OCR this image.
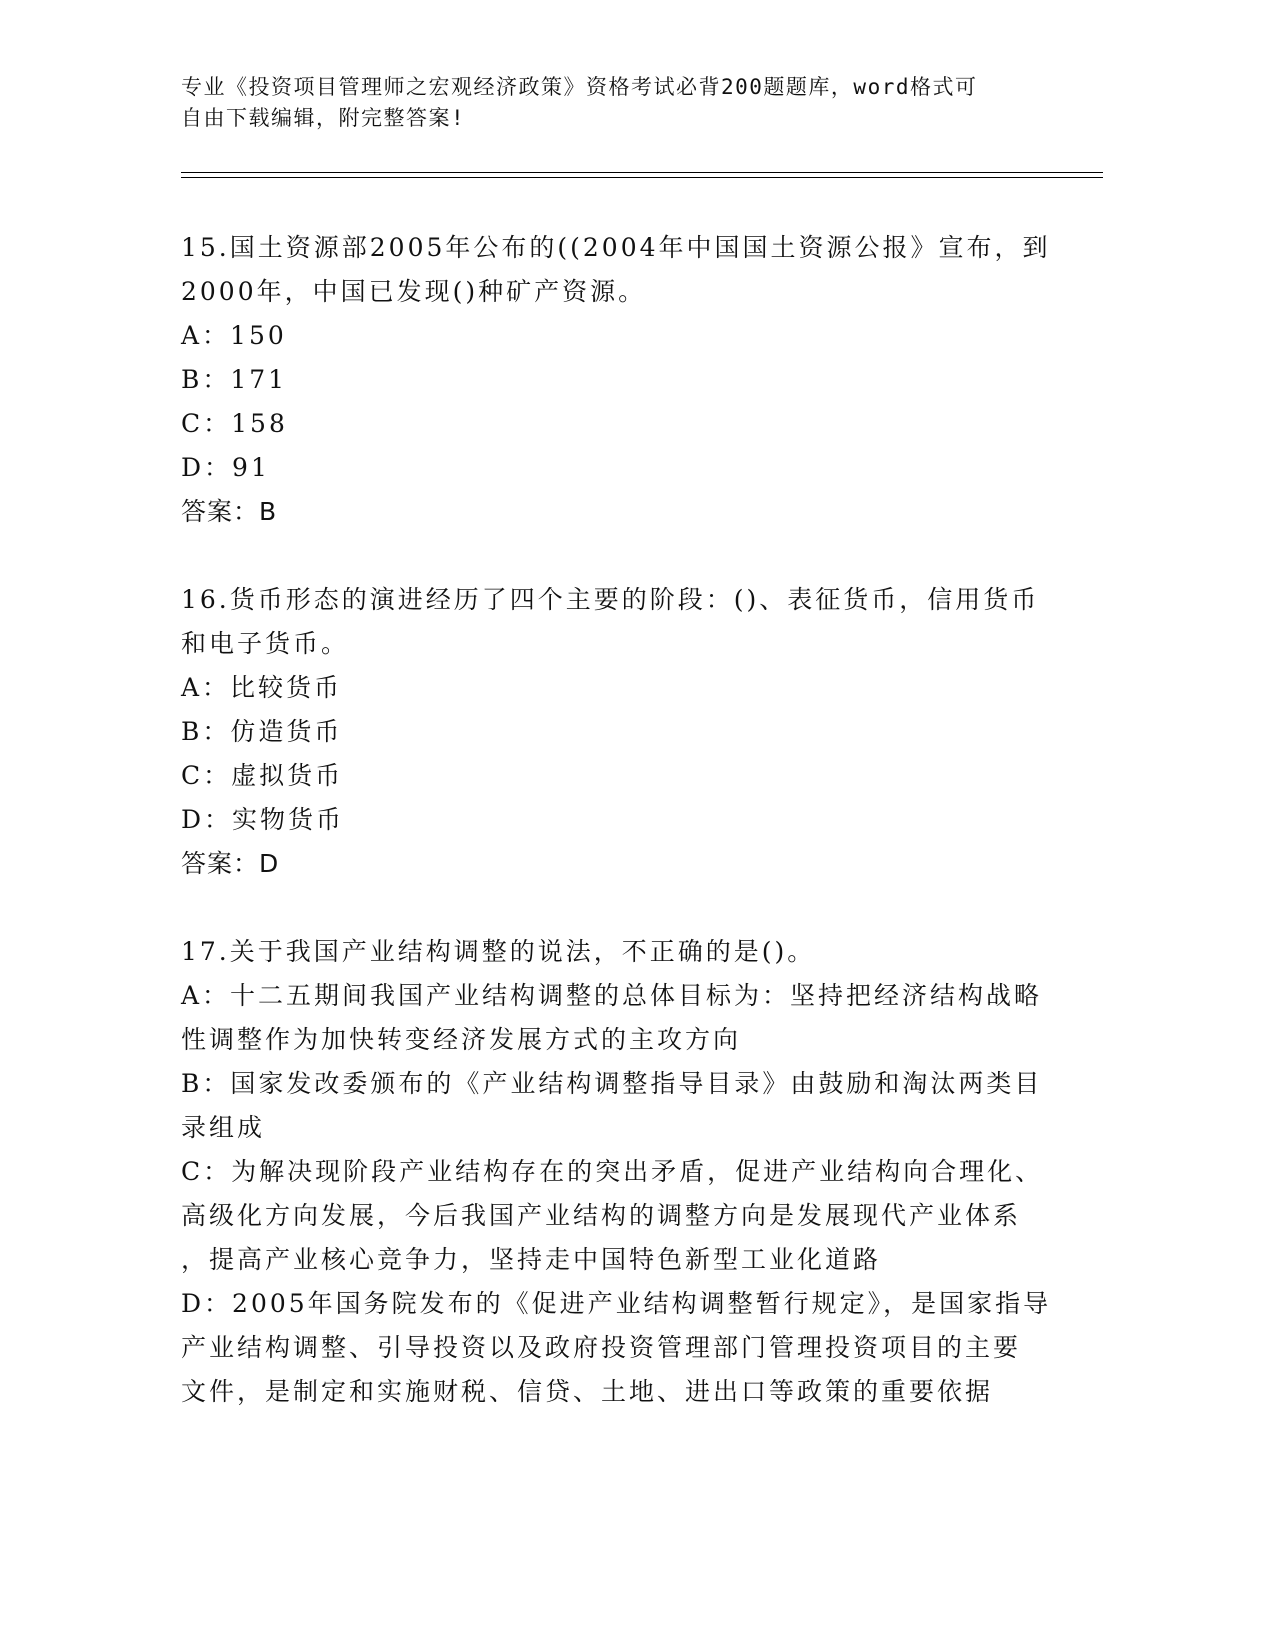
专业《投资项目管理师之宏观经济政策》资格考试必背200题题库，word格式可
自由下载编辑，附完整答案!
15.国土资源部2005年公布的((2004年中国国土资源公报》宣布，到
2000年，中国已发现()种矿产资源。
A：150
B：171
C：158
D：91
答案：B
16.货币形态的演进经历了四个主要的阶段：()、表征货币，信用货币
和电子货币。
A：比较货币
B：仿造货币
C：虚拟货币
D：实物货币
答案：D
17.关于我国产业结构调整的说法，不正确的是()。
A：十二五期间我国产业结构调整的总体目标为：坚持把经济结构战略
性调整作为加快转变经济发展方式的主攻方向
B：国家发改委颁布的《产业结构调整指导目录》由鼓励和淘汰两类目
录组成
C：为解决现阶段产业结构存在的突出矛盾，促进产业结构向合理化、
高级化方向发展，今后我国产业结构的调整方向是发展现代产业体系
，提高产业核心竞争力，坚持走中国特色新型工业化道路
D：2005年国务院发布的《促进产业结构调整暂行规定》，是国家指导
产业结构调整、引导投资以及政府投资管理部门管理投资项目的主要
文件，是制定和实施财税、信贷、土地、进出口等政策的重要依据
